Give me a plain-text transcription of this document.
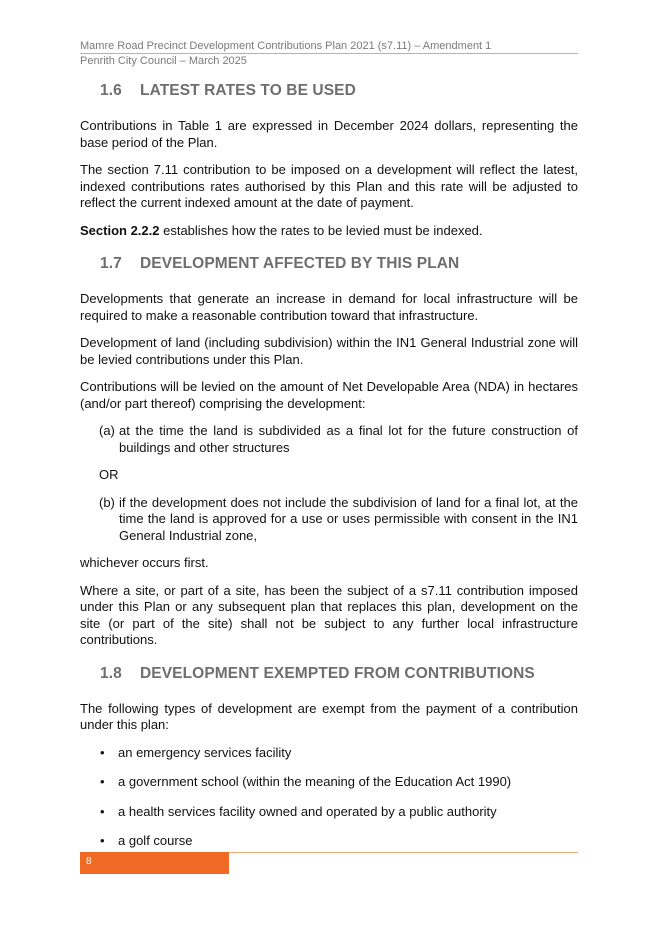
Mamre Road Precinct Development Contributions Plan 2021 (s7.11) – Amendment 1
Penrith City Council – March 2025
1.6 LATEST RATES TO BE USED

Contributions in Table 1 are expressed in December 2024 dollars, representing the base period of the Plan.

The section 7.11 contribution to be imposed on a development will reflect the latest, indexed contributions rates authorised by this Plan and this rate will be adjusted to reflect the current indexed amount at the date of payment.

Section 2.2.2 establishes how the rates to be levied must be indexed.

1.7 DEVELOPMENT AFFECTED BY THIS PLAN

Developments that generate an increase in demand for local infrastructure will be required to make a reasonable contribution toward that infrastructure.

Development of land (including subdivision) within the IN1 General Industrial zone will be levied contributions under this Plan.

Contributions will be levied on the amount of Net Developable Area (NDA) in hectares (and/or part thereof) comprising the development:

(a) at the time the land is subdivided as a final lot for the future construction of buildings and other structures
OR
(b) if the development does not include the subdivision of land for a final lot, at the time the land is approved for a use or uses permissible with consent in the IN1 General Industrial zone,

whichever occurs first.

Where a site, or part of a site, has been the subject of a s7.11 contribution imposed under this Plan or any subsequent plan that replaces this plan, development on the site (or part of the site) shall not be subject to any further local infrastructure contributions.

1.8 DEVELOPMENT EXEMPTED FROM CONTRIBUTIONS

The following types of development are exempt from the payment of a contribution under this plan:

•	an emergency services facility
•	a government school (within the meaning of the Education Act 1990)
•	a health services facility owned and operated by a public authority
•	a golf course
8
